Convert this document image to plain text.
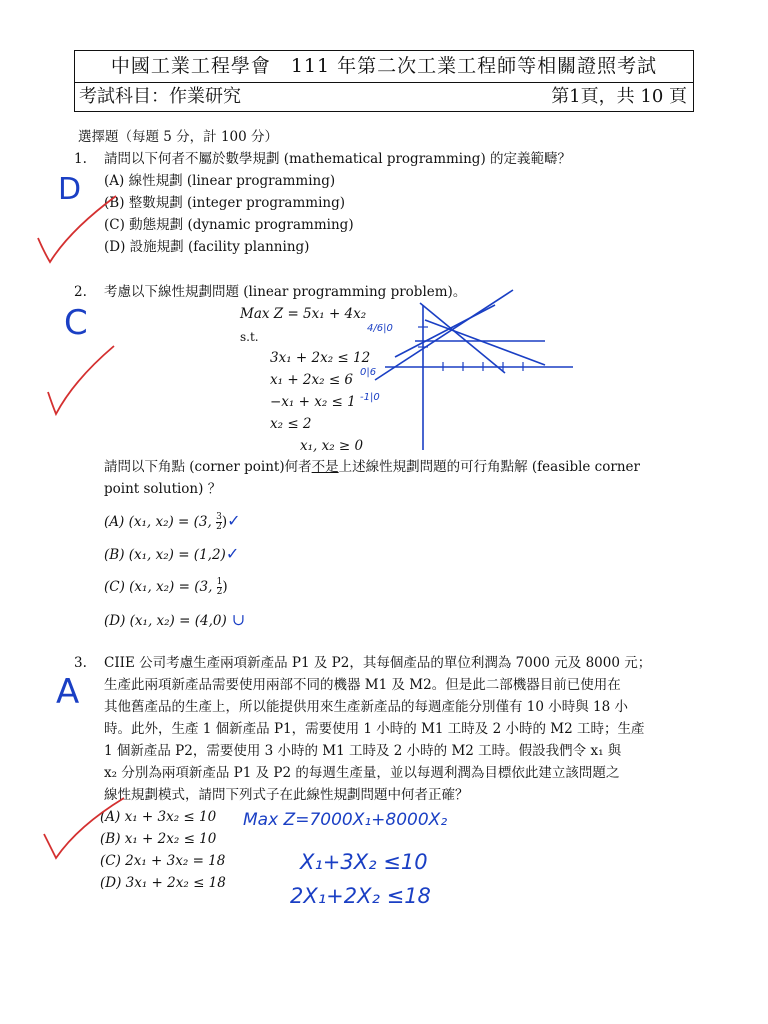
中國工業工程學會　111 年第二次工業工程師等相關證照考試
考試科目：作業研究	第1頁，共 10 頁
選擇題（每題 5 分，計 100 分）
1. 請問以下何者不屬於數學規劃 (mathematical programming) 的定義範疇？
(A) 線性規劃 (linear programming)
(B) 整數規劃 (integer programming)
(C) 動態規劃 (dynamic programming)
(D) 設施規劃 (facility planning)
D
2. 考慮以下線性規劃問題 (linear programming problem)。
Max Z = 5x₁ + 4x₂
s.t.
3x₁ + 2x₂ ≤ 12
x₁ + 2x₂ ≤ 6
−x₁ + x₂ ≤ 1
x₂ ≤ 2
x₁, x₂ ≥ 0
4/6|0
0|6
-1|0
請問以下角點 (corner point)何者不是上述線性規劃問題的可行角點解 (feasible corner
point solution) ？
(A) (x₁, x₂) = (3, $\frac{3}{2}$ )✓
(B) (x₁, x₂) = (1,2)✓
(C) (x₁, x₂) = (3, $\frac{1}{2}$ )
(D) (x₁, x₂) = (4,0) ∪
C
3. CIIE 公司考慮生產兩項新產品 P1 及 P2，其每個產品的單位利潤為 7000 元及 8000 元；
生產此兩項新產品需要使用兩部不同的機器 M1 及 M2。但是此二部機器目前已使用在
其他舊產品的生產上，所以能提供用來生產新產品的每週產能分別僅有 10 小時與 18 小
時。此外，生產 1 個新產品 P1，需要使用 1 小時的 M1 工時及 2 小時的 M2 工時；生產
1 個新產品 P2，需要使用 3 小時的 M1 工時及 2 小時的 M2 工時。假設我們令 x₁ 與
x₂ 分別為兩項新產品 P1 及 P2 的每週生產量，並以每週利潤為目標依此建立該問題之
線性規劃模式，請問下列式子在此線性規劃問題中何者正確？
(A) x₁ + 3x₂ ≤ 10
(B) x₁ + 2x₂ ≤ 10
(C) 2x₁ + 3x₂ = 18
(D) 3x₁ + 2x₂ ≤ 18
A
Max Z=7000X₁+8000X₂
X₁+3X₂ ≤10
2X₁+2X₂ ≤18
